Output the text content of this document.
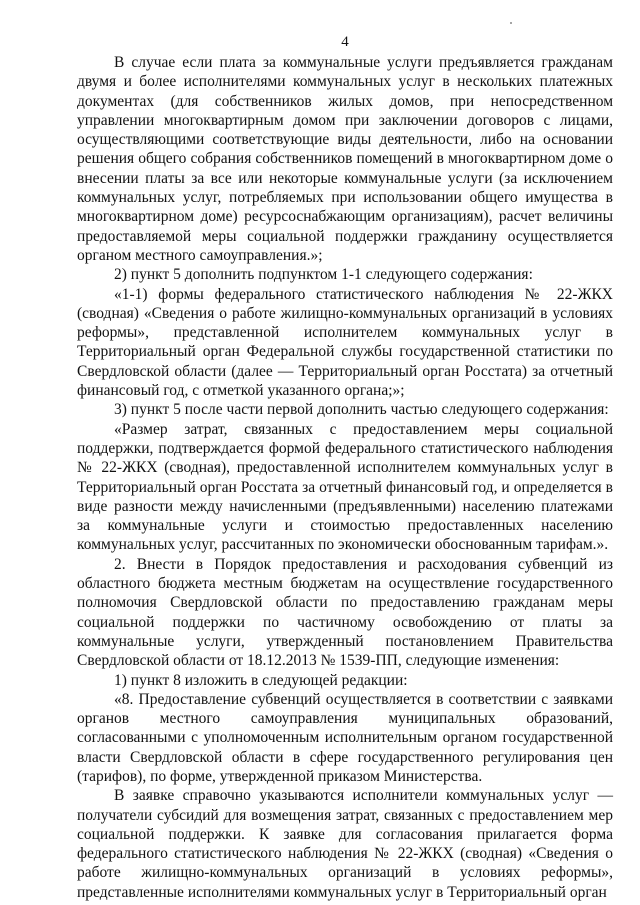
4

В случае если плата за коммунальные услуги предъявляется гражданам двумя и более исполнителями коммунальных услуг в нескольких платежных документах (для собственников жилых домов, при непосредственном управлении многоквартирным домом при заключении договоров с лицами, осуществляющими соответствующие виды деятельности, либо на основании решения общего собрания собственников помещений в многоквартирном доме о внесении платы за все или некоторые коммунальные услуги (за исключением коммунальных услуг, потребляемых при использовании общего имущества в многоквартирном доме) ресурсоснабжающим организациям), расчет величины предоставляемой меры социальной поддержки гражданину осуществляется органом местного самоуправления.»;

2) пункт 5 дополнить подпунктом 1-1 следующего содержания:

«1-1) формы федерального статистического наблюдения № 22-ЖКХ (сводная) «Сведения о работе жилищно-коммунальных организаций в условиях реформы», представленной исполнителем коммунальных услуг в Территориальный орган Федеральной службы государственной статистики по Свердловской области (далее — Территориальный орган Росстата) за отчетный финансовый год, с отметкой указанного органа;»;

3) пункт 5 после части первой дополнить частью следующего содержания:

«Размер затрат, связанных с предоставлением меры социальной поддержки, подтверждается формой федерального статистического наблюдения № 22-ЖКХ (сводная), предоставленной исполнителем коммунальных услуг в Территориальный орган Росстата за отчетный финансовый год, и определяется в виде разности между начисленными (предъявленными) населению платежами за коммунальные услуги и стоимостью предоставленных населению коммунальных услуг, рассчитанных по экономически обоснованным тарифам.».

2. Внести в Порядок предоставления и расходования субвенций из областного бюджета местным бюджетам на осуществление государственного полномочия Свердловской области по предоставлению гражданам меры социальной поддержки по частичному освобождению от платы за коммунальные услуги, утвержденный постановлением Правительства Свердловской области от 18.12.2013 № 1539-ПП, следующие изменения:

1) пункт 8 изложить в следующей редакции:

«8. Предоставление субвенций осуществляется в соответствии с заявками органов местного самоуправления муниципальных образований, согласованными с уполномоченным исполнительным органом государственной власти Свердловской области в сфере государственного регулирования цен (тарифов), по форме, утвержденной приказом Министерства.

В заявке справочно указываются исполнители коммунальных услуг — получатели субсидий для возмещения затрат, связанных с предоставлением мер социальной поддержки. К заявке для согласования прилагается форма федерального статистического наблюдения № 22-ЖКХ (сводная) «Сведения о работе жилищно-коммунальных организаций в условиях реформы», представленные исполнителями коммунальных услуг в Территориальный орган
